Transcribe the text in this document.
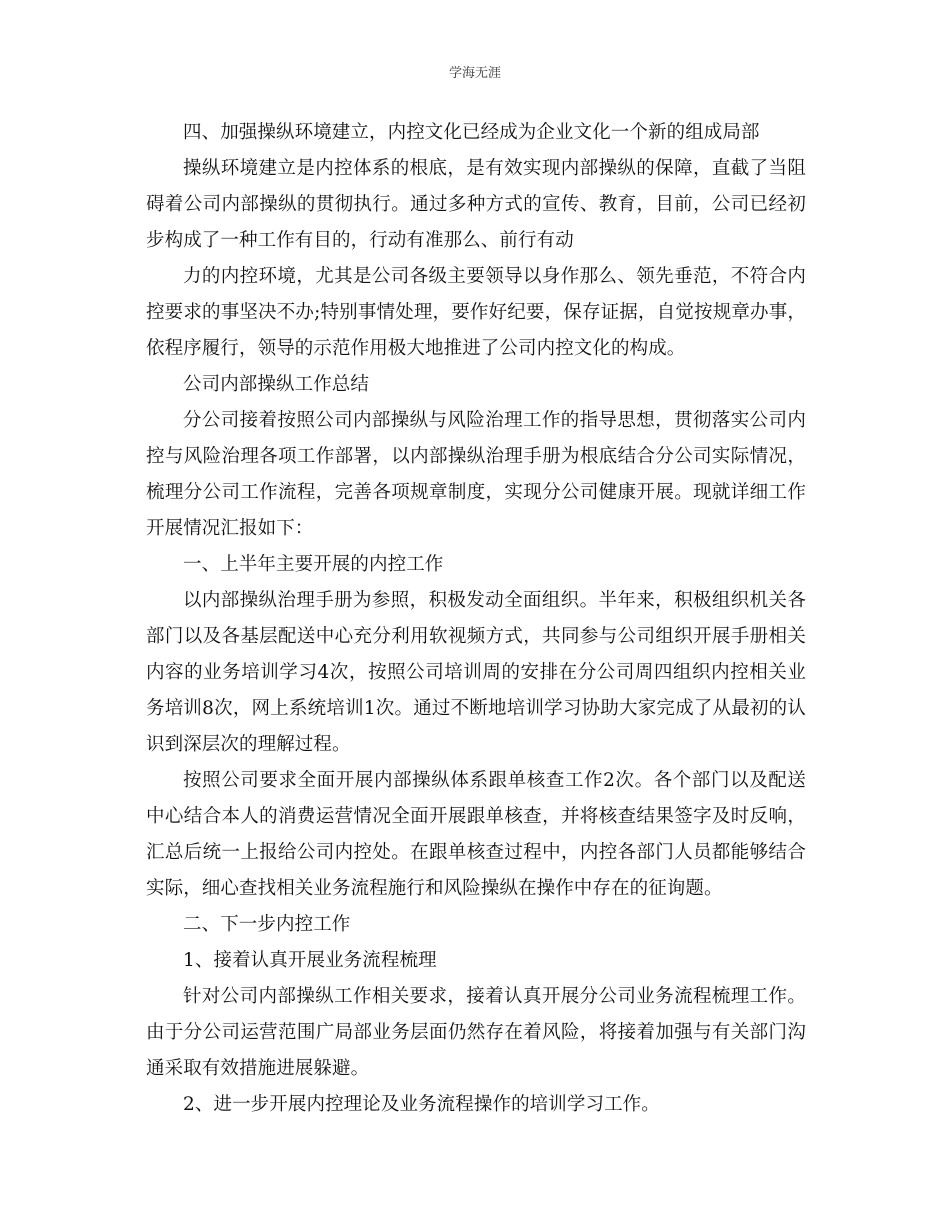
学海无涯

四、加强操纵环境建立，内控文化已经成为企业文化一个新的组成局部

操纵环境建立是内控体系的根底，是有效实现内部操纵的保障，直截了当阻碍着公司内部操纵的贯彻执行。通过多种方式的宣传、教育，目前，公司已经初步构成了一种工作有目的，行动有准那么、前行有动

力的内控环境，尤其是公司各级主要领导以身作那么、领先垂范，不符合内控要求的事坚决不办;特别事情处理，要作好纪要，保存证据，自觉按规章办事，依程序履行，领导的示范作用极大地推进了公司内控文化的构成。

公司内部操纵工作总结

分公司接着按照公司内部操纵与风险治理工作的指导思想，贯彻落实公司内控与风险治理各项工作部署，以内部操纵治理手册为根底结合分公司实际情况，梳理分公司工作流程，完善各项规章制度，实现分公司健康开展。现就详细工作开展情况汇报如下：

一、上半年主要开展的内控工作

以内部操纵治理手册为参照，积极发动全面组织。半年来，积极组织机关各部门以及各基层配送中心充分利用软视频方式，共同参与公司组织开展手册相关内容的业务培训学习4次，按照公司培训周的安排在分公司周四组织内控相关业务培训8次，网上系统培训1次。通过不断地培训学习协助大家完成了从最初的认识到深层次的理解过程。

按照公司要求全面开展内部操纵体系跟单核查工作2次。各个部门以及配送中心结合本人的消费运营情况全面开展跟单核查，并将核查结果签字及时反响，汇总后统一上报给公司内控处。在跟单核查过程中，内控各部门人员都能够结合实际，细心查找相关业务流程施行和风险操纵在操作中存在的征询题。

二、下一步内控工作

1、接着认真开展业务流程梳理

针对公司内部操纵工作相关要求，接着认真开展分公司业务流程梳理工作。由于分公司运营范围广局部业务层面仍然存在着风险，将接着加强与有关部门沟通采取有效措施进展躲避。

2、进一步开展内控理论及业务流程操作的培训学习工作。
